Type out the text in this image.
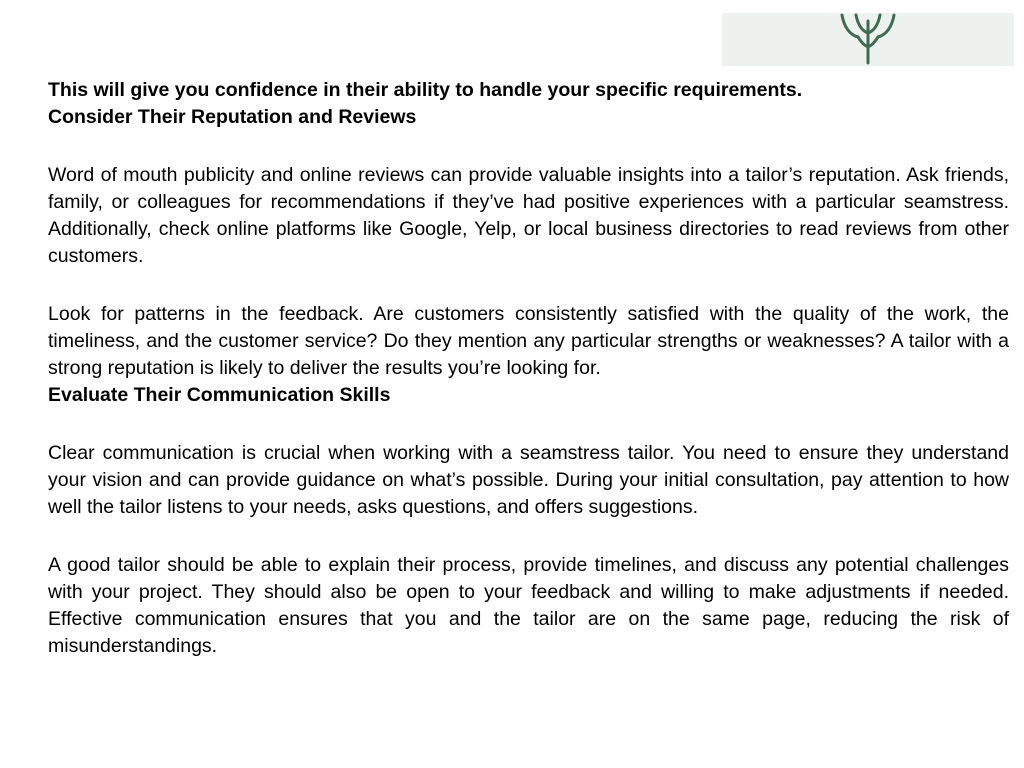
This will give you confidence in their ability to handle your specific requirements.

Consider Their Reputation and Reviews

Word of mouth publicity and online reviews can provide valuable insights into a tailor’s reputation. Ask friends, family, or colleagues for recommendations if they’ve had positive experiences with a particular seamstress. Additionally, check online platforms like Google, Yelp, or local business directories to read reviews from other customers.

Look for patterns in the feedback. Are customers consistently satisfied with the quality of the work, the timeliness, and the customer service? Do they mention any particular strengths or weaknesses? A tailor with a strong reputation is likely to deliver the results you’re looking for.

Evaluate Their Communication Skills

Clear communication is crucial when working with a seamstress tailor. You need to ensure they understand your vision and can provide guidance on what’s possible. During your initial consultation, pay attention to how well the tailor listens to your needs, asks questions, and offers suggestions.

A good tailor should be able to explain their process, provide timelines, and discuss any potential challenges with your project. They should also be open to your feedback and willing to make adjustments if needed. Effective communication ensures that you and the tailor are on the same page, reducing the risk of misunderstandings.
